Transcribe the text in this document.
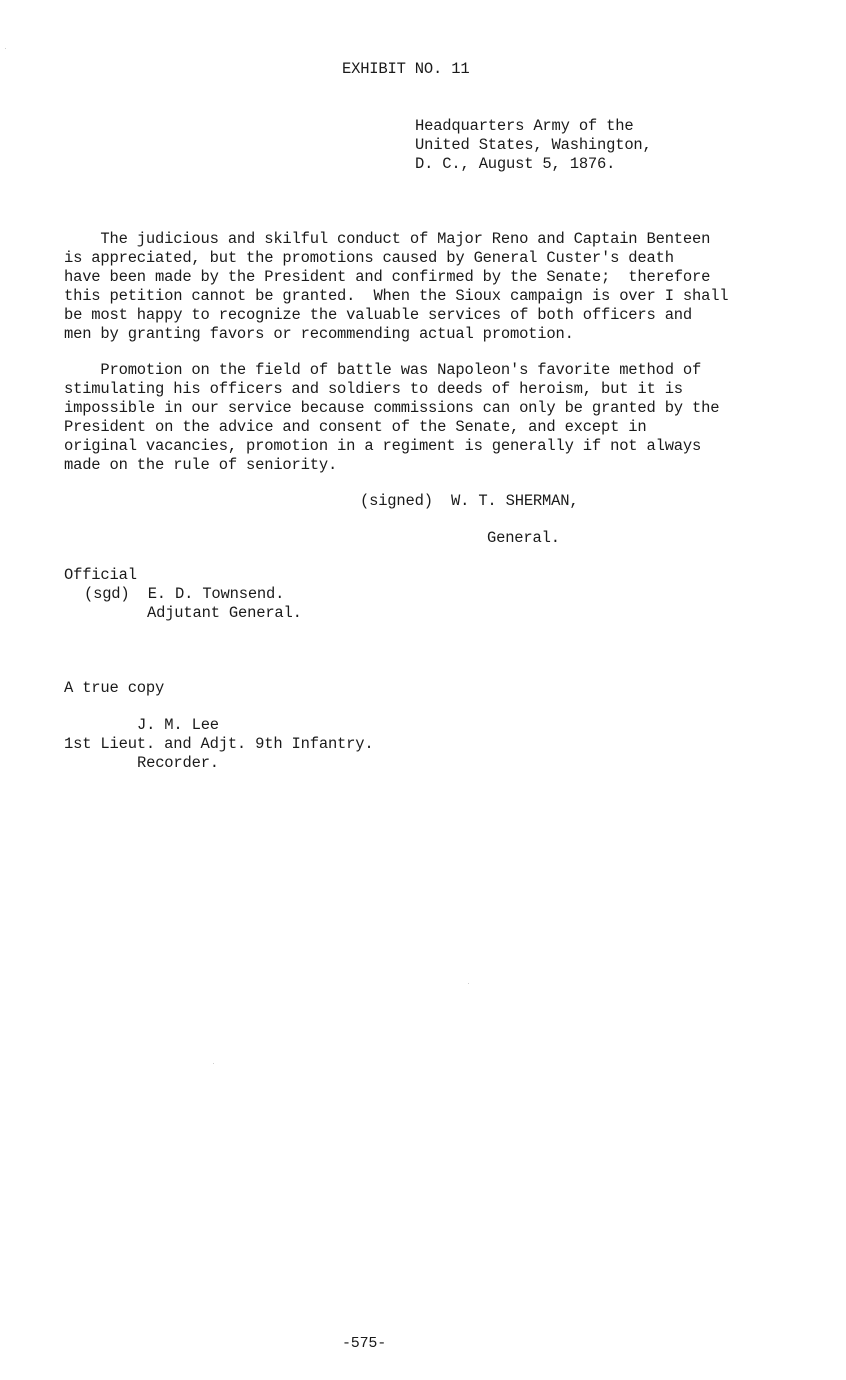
EXHIBIT NO. 11
Headquarters Army of the
United States, Washington,
D. C., August 5, 1876.
The judicious and skilful conduct of Major Reno and Captain Benteen
is appreciated, but the promotions caused by General Custer's death
have been made by the President and confirmed by the Senate;  therefore
this petition cannot be granted.  When the Sioux campaign is over I shall
be most happy to recognize the valuable services of both officers and
men by granting favors or recommending actual promotion.
Promotion on the field of battle was Napoleon's favorite method of
stimulating his officers and soldiers to deeds of heroism, but it is
impossible in our service because commissions can only be granted by the
President on the advice and consent of the Senate, and except in
original vacancies, promotion in a regiment is generally if not always
made on the rule of seniority.
(signed)  W. T. SHERMAN,
General.
Official
(sgd)  E. D. Townsend.
Adjutant General.
A true copy
J. M. Lee
1st Lieut. and Adjt. 9th Infantry.
Recorder.
-575-
